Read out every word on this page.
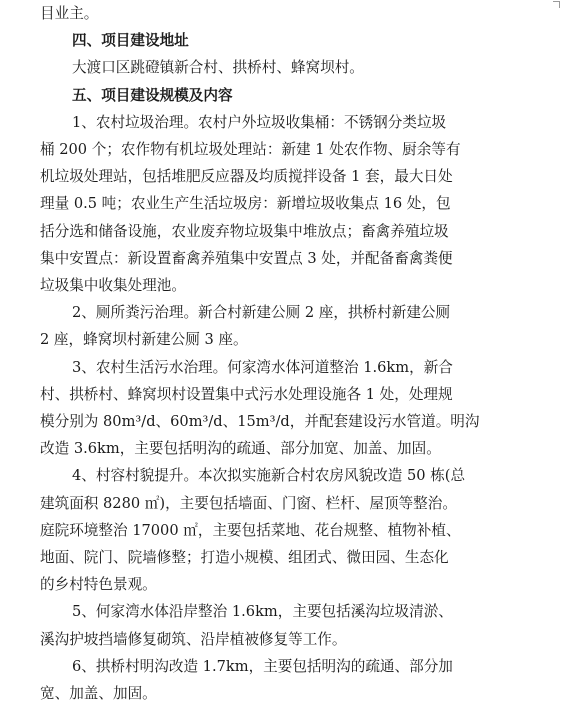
目业主。
四、项目建设地址
大渡口区跳磴镇新合村、拱桥村、蜂窝坝村。
五、项目建设规模及内容
1、农村垃圾治理。农村户外垃圾收集桶：不锈钢分类垃圾
桶 200 个；农作物有机垃圾处理站：新建 1 处农作物、厨余等有
机垃圾处理站，包括堆肥反应器及均质搅拌设备 1 套，最大日处
理量 0.5 吨；农业生产生活垃圾房：新增垃圾收集点 16 处，包
括分选和储备设施，农业废弃物垃圾集中堆放点；畜禽养殖垃圾
集中安置点：新设置畜禽养殖集中安置点 3 处，并配备畜禽粪便
垃圾集中收集处理池。
2、厕所粪污治理。新合村新建公厕 2 座，拱桥村新建公厕
2 座，蜂窝坝村新建公厕 3 座。
3、农村生活污水治理。何家湾水体河道整治 1.6km，新合
村、拱桥村、蜂窝坝村设置集中式污水处理设施各 1 处，处理规
模分别为 80m³/d、60m³/d、15m³/d，并配套建设污水管道。明沟
改造 3.6km，主要包括明沟的疏通、部分加宽、加盖、加固。
4、村容村貌提升。本次拟实施新合村农房风貌改造 50 栋(总
建筑面积 8280 ㎡)，主要包括墙面、门窗、栏杆、屋顶等整治。
庭院环境整治 17000 ㎡，主要包括菜地、花台规整、植物补植、
地面、院门、院墙修整；打造小规模、组团式、微田园、生态化
的乡村特色景观。
5、何家湾水体沿岸整治 1.6km，主要包括溪沟垃圾清淤、
溪沟护坡挡墙修复砌筑、沿岸植被修复等工作。
6、拱桥村明沟改造 1.7km，主要包括明沟的疏通、部分加
宽、加盖、加固。
